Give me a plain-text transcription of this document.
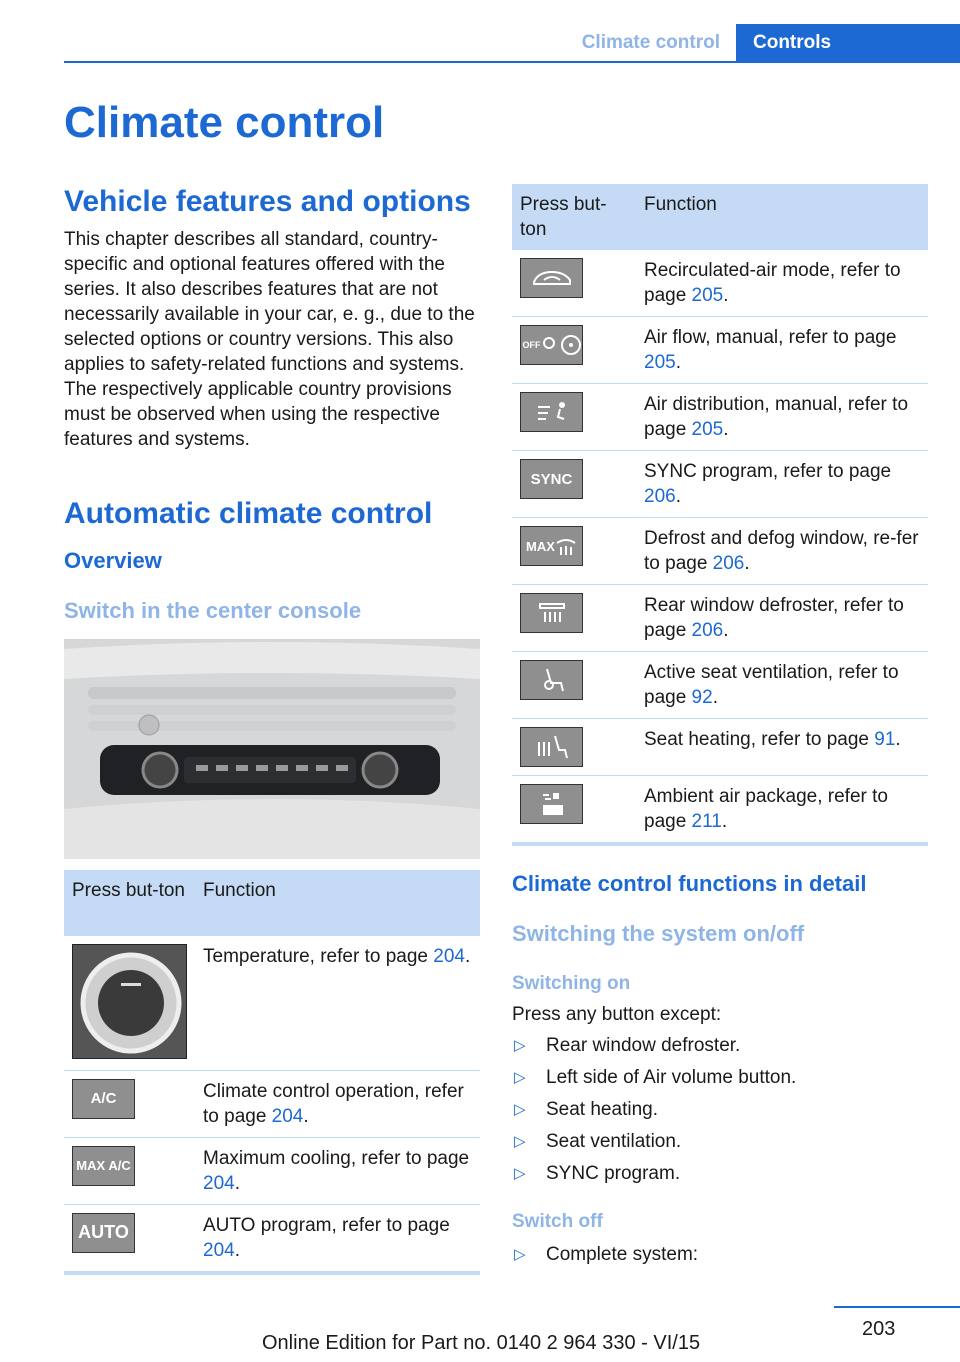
Climate control	Controls
Climate control
Vehicle features and options

This chapter describes all standard, country-specific and optional features offered with the series. It also describes features that are not necessarily available in your car, e. g., due to the selected options or country versions. This also applies to safety-related functions and systems. The respectively applicable country provisions must be observed when using the respective features and systems.

Automatic climate control
Overview
Switch in the center console
Press but-ton	Function

	Temperature, refer to page 204.

A/C	Climate control operation, refer to page 204.

MAX A/C	Maximum cooling, refer to page 204.

AUTO	AUTO program, refer to page 204.
Press but-ton	Function

	Recirculated-air mode, refer to page 205.

OFF	Air flow, manual, refer to page 205.

	Air distribution, manual, refer to page 205.

SYNC	SYNC program, refer to page 206.

MAX	Defrost and defog window, re-fer to page 206.

	Rear window defroster, refer to page 206.

	Active seat ventilation, refer to page 92.

	Seat heating, refer to page 91.

	Ambient air package, refer to page 211.
Climate control functions in detail
Switching the system on/off
Switching on

Press any button except:

▷ Rear window defroster.
▷ Left side of Air volume button.
▷ Seat heating.
▷ Seat ventilation.
▷ SYNC program.
Switch off
▷ Complete system:
203
Online Edition for Part no. 0140 2 964 330 - VI/15
